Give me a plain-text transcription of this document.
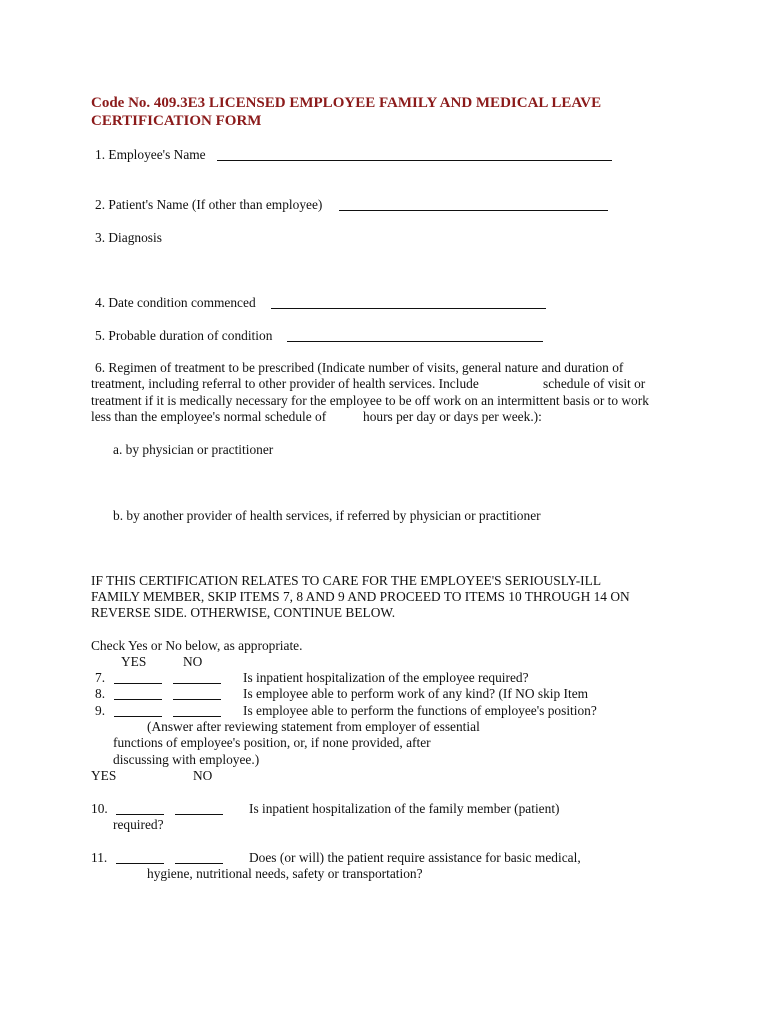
Code No. 409.3E3 LICENSED EMPLOYEE FAMILY AND MEDICAL LEAVE
CERTIFICATION FORM
1. Employee's Name
2. Patient's Name (If other than employee)
3. Diagnosis
4. Date condition commenced
5. Probable duration of condition
6. Regimen of treatment to be prescribed (Indicate number of visits, general nature and duration of
treatment, including referral to other provider of health services. Include	schedule of visit or
treatment if it is medically necessary for the employee to be off work on an intermittent basis or to work
less than the employee's normal schedule of	hours per day or days per week.):
a. by physician or practitioner
b. by another provider of health services, if referred by physician or practitioner
IF THIS CERTIFICATION RELATES TO CARE FOR THE EMPLOYEE'S SERIOUSLY-ILL
FAMILY MEMBER, SKIP ITEMS 7, 8 AND 9 AND PROCEED TO ITEMS 10 THROUGH 14 ON
REVERSE SIDE. OTHERWISE, CONTINUE BELOW.
Check Yes or No below, as appropriate.
YES	NO
7.	Is inpatient hospitalization of the employee required?
8.	Is employee able to perform work of any kind? (If NO skip Item
9.	Is employee able to perform the functions of employee's position?
(Answer after reviewing statement from employer of essential
functions of employee's position, or, if none provided, after
discussing with employee.)
YES	NO
10.	Is inpatient hospitalization of the family member (patient)
required?
11.	Does (or will) the patient require assistance for basic medical,
hygiene, nutritional needs, safety or transportation?
